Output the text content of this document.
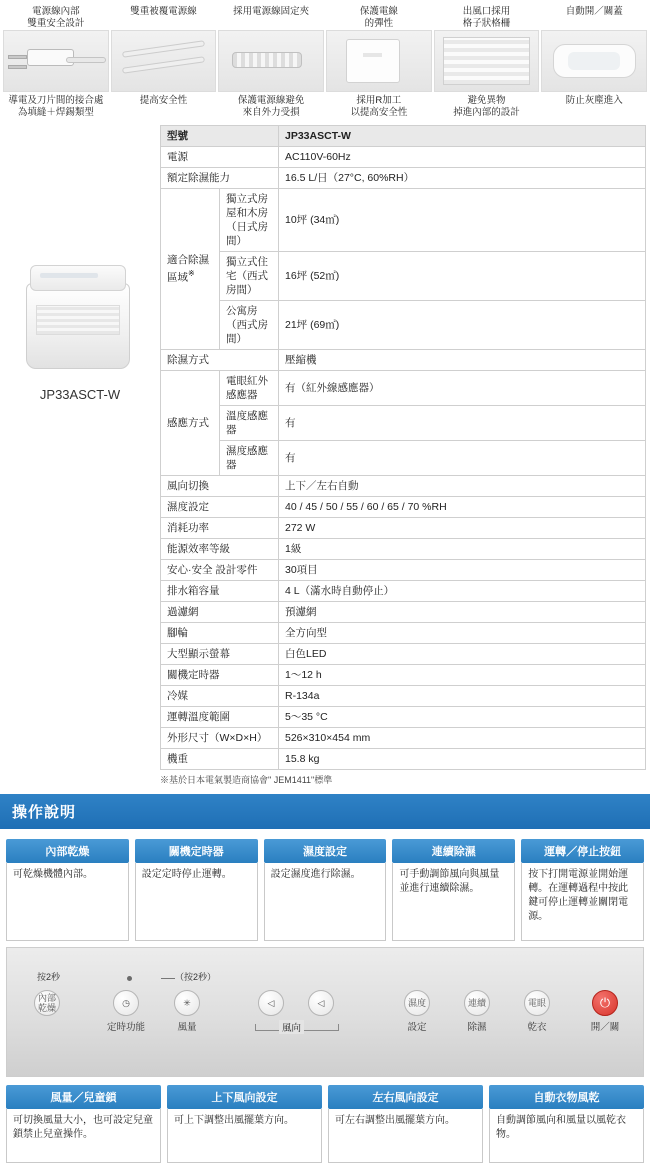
電源線內部
雙重安全設計
導電及刀片間的接合處
為填縫＋焊錫類型
雙重被覆電源線
提高安全性
採用電源線固定夾
保護電源線避免
來自外力受損
保護電線
的彈性
採用R加工
以提高安全性
出風口採用
格子狀格柵
避免異物
掉進內部的設計
自動開／關蓋
防止灰塵進入
JP33ASCT-W
型號		JP33ASCT-W
電源		AC110V-60Hz
額定除濕能力		16.5 L/日（27°C, 60%RH）
適合除濕區域※	獨立式房屋和木房（日式房間）	10坪 (34㎡)
	獨立式住宅（西式房間）	16坪 (52㎡)
	公寓房（西式房間）	21坪 (69㎡)
除濕方式		壓縮機
感應方式	電眼紅外感應器	有（紅外線感應器）
	溫度感應器	有
	濕度感應器	有
風向切換		上下／左右自動
濕度設定		40 / 45 / 50 / 55 / 60 / 65 / 70 %RH
消耗功率		272 W
能源效率等級		1級
安心·安全 設計零件		30項目
排水箱容量		4 L（滿水時自動停止）
過濾網		預濾網
腳輪		全方向型
大型顯示螢幕		白色LED
關機定時器		1〜12 h
冷媒		R-134a
運轉溫度範圍		5〜35 °C
外形尺寸（W×D×H）		526×310×454 mm
機重		15.8 kg
※基於日本電氣製造商協會" JEM1411"標準
操作說明
內部乾燥
可乾燥機體內部。
關機定時器
設定定時停止運轉。
濕度設定
設定濕度進行除濕。
連續除濕
可手動調節風向與風量並進行連續除濕。
運轉／停止按鈕
按下打開電源並開始運轉。在運轉過程中按此鍵可停止運轉並關閉電源。
按2秒	（按2秒）
內部
乾燥	◷
定時功能
✳
風量
◁	◁
風向
濕度
設定
連續
除濕
電眼
乾衣
⏻
開／關
風量／兒童鎖
可切換風量大小，也可設定兒童鎖禁止兒童操作。
上下風向設定
可上下調整出風擺葉方向。
左右風向設定
可左右調整出風擺葉方向。
自動衣物風乾
自動調節風向和風量以風乾衣物。
